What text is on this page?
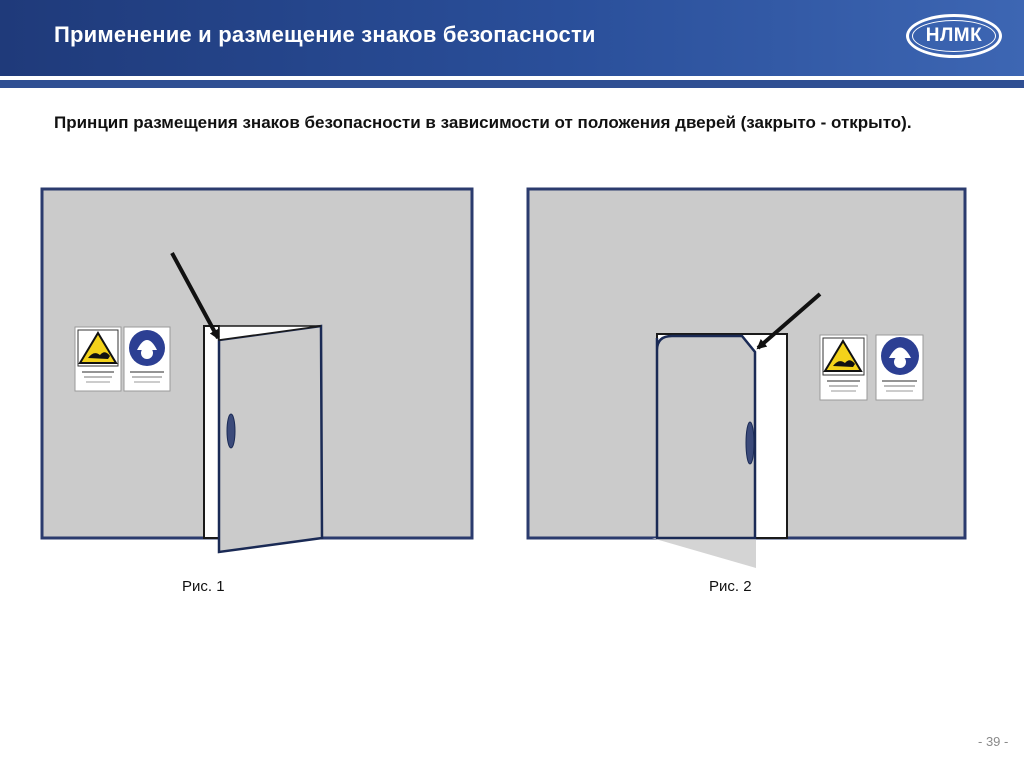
Применение и размещение знаков безопасности	НЛМК
Принцип размещения знаков безопасности в зависимости от положения дверей (закрыто - открыто).
Рис. 1	Рис. 2
- 39 -
